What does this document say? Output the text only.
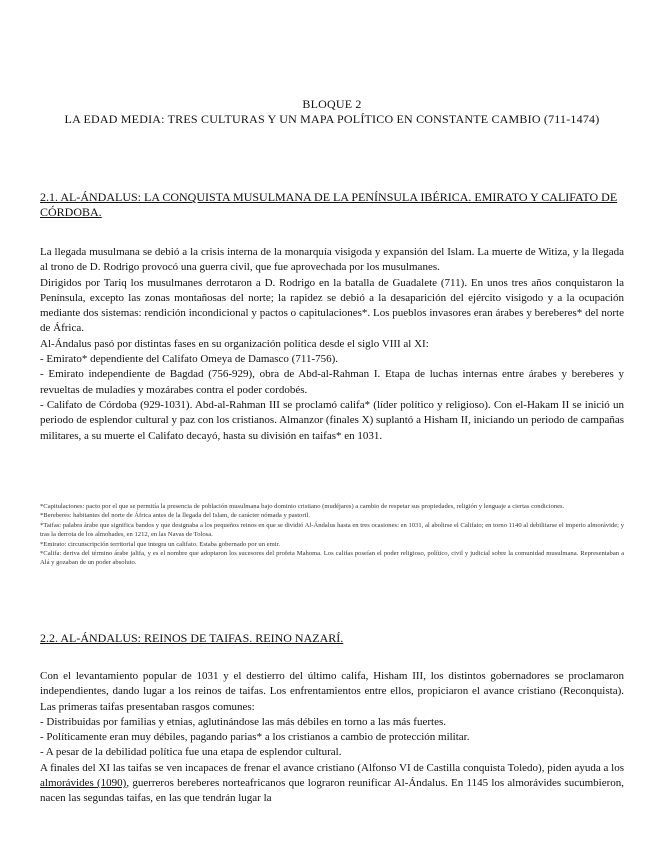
BLOQUE 2
LA EDAD MEDIA: TRES CULTURAS Y UN MAPA POLÍTICO EN CONSTANTE CAMBIO (711-1474)
2.1. AL-ÁNDALUS: LA CONQUISTA MUSULMANA DE LA PENÍNSULA IBÉRICA. EMIRATO Y CALIFATO DE CÓRDOBA.

La llegada musulmana se debió a la crisis interna de la monarquía visigoda y expansión del Islam. La muerte de Witiza, y la llegada al trono de D. Rodrigo provocó una guerra civil, que fue aprovechada por los musulmanes.

Dirigidos por Tariq los musulmanes derrotaron a D. Rodrigo en la batalla de Guadalete (711). En unos tres años conquistaron la Península, excepto las zonas montañosas del norte; la rapidez se debió a la desaparición del ejército visigodo y a la ocupación mediante dos sistemas: rendición incondicional y pactos o capitulaciones*. Los pueblos invasores eran árabes y bereberes* del norte de África.

Al-Ándalus pasó por distintas fases en su organización política desde el siglo VIII al XI:

- Emirato* dependiente del Califato Omeya de Damasco (711-756).

- Emirato independiente de Bagdad (756-929), obra de Abd-al-Rahman I. Etapa de luchas internas entre árabes y bereberes y revueltas de muladíes y mozárabes contra el poder cordobés.

- Califato de Córdoba (929-1031). Abd-al-Rahman III se proclamó califa* (líder político y religioso). Con el-Hakam II se inició un periodo de esplendor cultural y paz con los cristianos. Almanzor (finales X) suplantó a Hisham II, iniciando un periodo de campañas militares, a su muerte el Califato decayó, hasta su división en taifas* en 1031.

*Capitulaciones: pacto por el que se permitía la presencia de población musulmana bajo dominio cristiano (mudéjares) a cambio de respetar sus propiedades, religión y lenguaje a ciertas condiciones.

*Bereberes: habitantes del norte de África antes de la llegada del Islam, de carácter nómada y pastoril.

*Taifas: palabra árabe que significa bandos y que designaba a los pequeños reinos en que se dividió Al-Ándalus hasta en tres ocasiones: en 1031, al abolirse el Califato; en torno 1140 al debilitarse el imperio almorávide; y tras la derrota de los almohades, en 1212, en las Navas de Tolosa.

*Emirato: circunscripción territorial que integra un califato. Estaba gobernado por un emir.

*Califa: deriva del término árabe jalifa, y es el nombre que adoptaron los sucesores del profeta Mahoma. Los califas poseían el poder religioso, político, civil y judicial sobre la comunidad musulmana. Representaban a Alá y gozaban de un poder absoluto.

2.2. AL-ÁNDALUS: REINOS DE TAIFAS. REINO NAZARÍ.

Con el levantamiento popular de 1031 y el destierro del último califa, Hisham III, los distintos gobernadores se proclamaron independientes, dando lugar a los reinos de taifas. Los enfrentamientos entre ellos, propiciaron el avance cristiano (Reconquista). Las primeras taifas presentaban rasgos comunes:

- Distribuidas por familias y etnias, aglutinándose las más débiles en torno a las más fuertes.

- Políticamente eran muy débiles, pagando parias* a los cristianos a cambio de protección militar.

- A pesar de la debilidad política fue una etapa de esplendor cultural.

A finales del XI las taifas se ven incapaces de frenar el avance cristiano (Alfonso VI de Castilla conquista Toledo), piden ayuda a los almorávides (1090), guerreros bereberes norteafricanos que lograron reunificar Al-Ándalus. En 1145 los almorávides sucumbieron, nacen las segundas taifas, en las que tendrán lugar la
